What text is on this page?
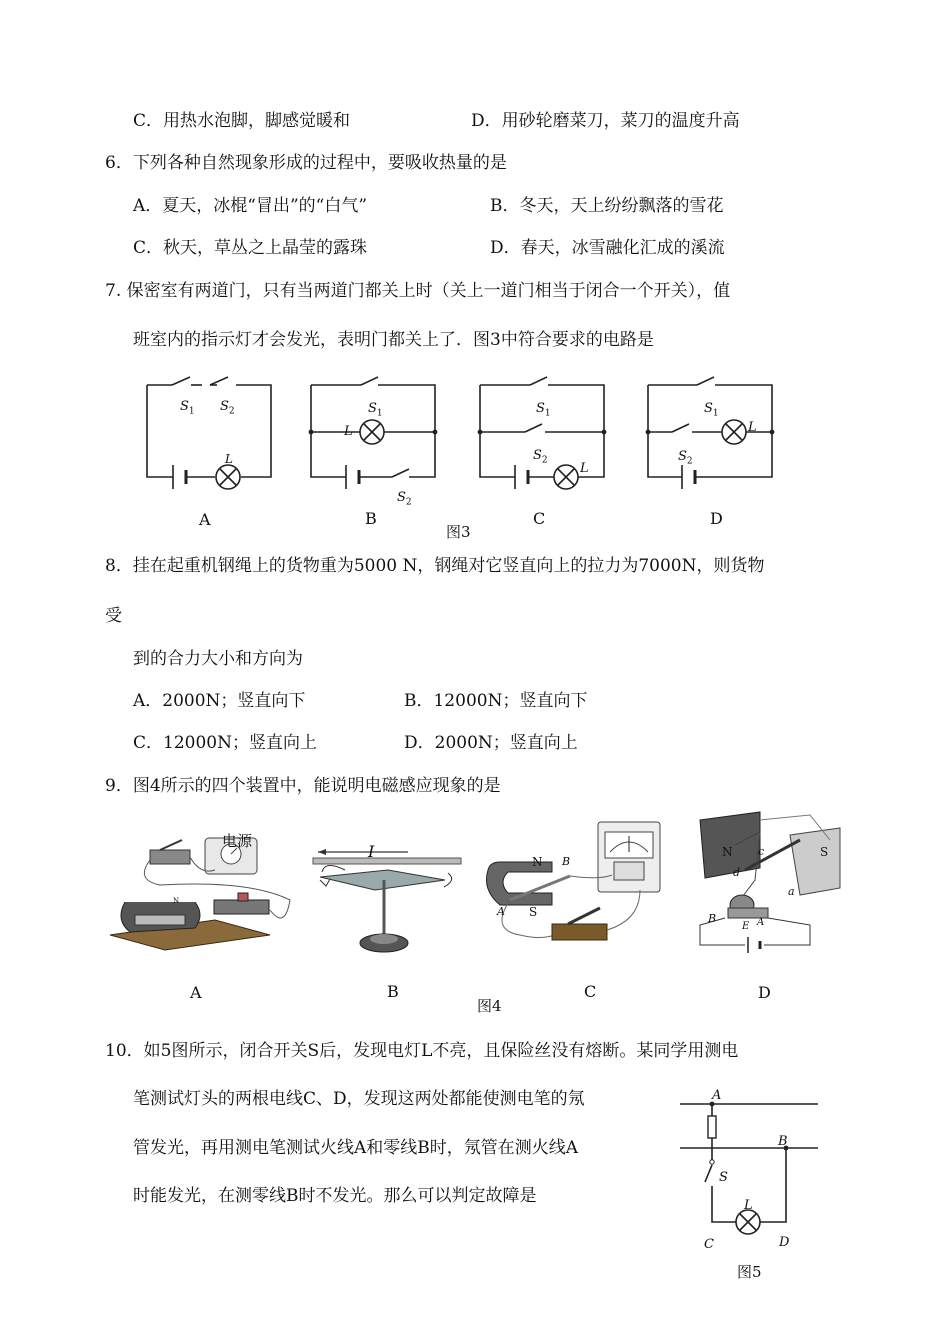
C．用热水泡脚，脚感觉暖和	D．用砂轮磨菜刀，菜刀的温度升高
6．下列各种自然现象形成的过程中，要吸收热量的是
A．夏天，冰棍“冒出”的“白气”	B．冬天，天上纷纷飘落的雪花
C．秋天，草丛之上晶莹的露珠	D．春天，冰雪融化汇成的溪流
7. 保密室有两道门，只有当两道门都关上时（关上一道门相当于闭合一个开关），值
班室内的指示灯才会发光，表明门都关上了．图3中符合要求的电路是
$S_1$ $S_2$
L
$S_1$
L
$S_2$
$S_1$
$S_2$
L
$S_1$
L
$S_2$
A	B
图3
C	D
8．挂在起重机钢绳上的货物重为5000 N，钢绳对它竖直向上的拉力为7000N，则货物
受
到的合力大小和方向为
A．2000N；竖直向下	B．12000N；竖直向下
C．12000N；竖直向上	D．2000N；竖直向上
9．图4所示的四个装置中，能说明电磁感应现象的是
N
电源
I
N
S
A
B
N	S
c
d
a
B
E A
A	B
图4
C	D
10．如5图所示，闭合开关S后，发现电灯L不亮，且保险丝没有熔断。某同学用测电
笔测试灯头的两根电线C、D，发现这两处都能使测电笔的氖
管发光，再用测电笔测试火线A和零线B时，氖管在测火线A
时能发光，在测零线B时不发光。那么可以判定故障是
A
B
S
L
C	D
图5
